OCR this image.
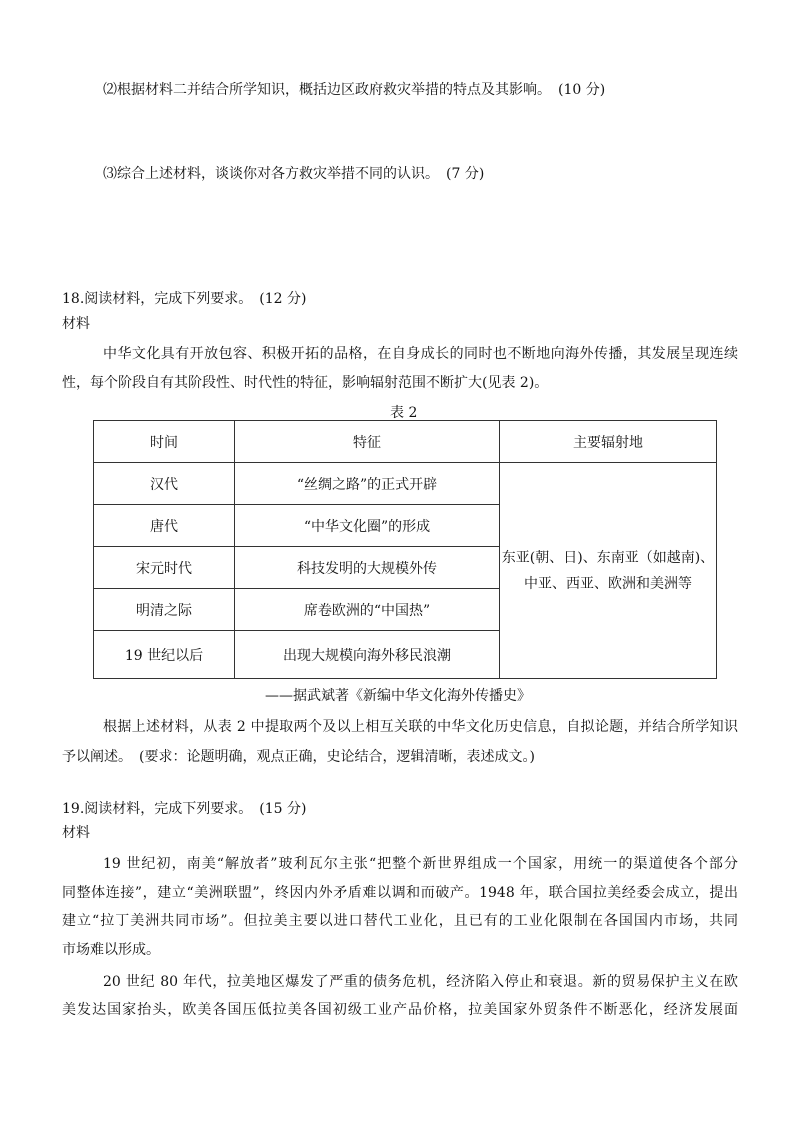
⑵根据材料二并结合所学知识，概括边区政府救灾举措的特点及其影响。　(10 分)
⑶综合上述材料，谈谈你对各方救灾举措不同的认识。　(7 分)
18.阅读材料，完成下列要求。　(12 分)
材料
中华文化具有开放包容、积极开拓的品格，在自身成长的同时也不断地向海外传播，其发展呈现连续
性，每个阶段自有其阶段性、时代性的特征，影响辐射范围不断扩大(见表 2)。
表 2
时间	特征	主要辐射地
汉代	“丝绸之路”的正式开辟	东亚(朝、日)、东南亚（如越南)、
中亚、西亚、欧洲和美洲等

唐代	“中华文化圈”的形成	
宋元时代	科技发明的大规模外传	
明清之际	席卷欧洲的“中国热”	
19 世纪以后	出现大规模向海外移民浪潮	
——据武斌著《新编中华文化海外传播史》
根据上述材料，从表 2 中提取两个及以上相互关联的中华文化历史信息，自拟论题，并结合所学知识
予以阐述。　(要求：论题明确，观点正确，史论结合，逻辑清晰，表述成文。)
19.阅读材料，完成下列要求。　(15 分)
材料
19 世纪初，南美“解放者”玻利瓦尔主张“把整个新世界组成一个国家，用统一的渠道使各个部分
同整体连接”，建立“美洲联盟”，终因内外矛盾难以调和而破产。1948 年，联合国拉美经委会成立，提出
建立“拉丁美洲共同市场”。但拉美主要以进口替代工业化，且已有的工业化限制在各国国内市场，共同
市场难以形成。
20 世纪 80 年代，拉美地区爆发了严重的债务危机，经济陷入停止和衰退。新的贸易保护主义在欧
美发达国家抬头，欧美各国压低拉美各国初级工业产品价格，拉美国家外贸条件不断恶化，经济发展面
